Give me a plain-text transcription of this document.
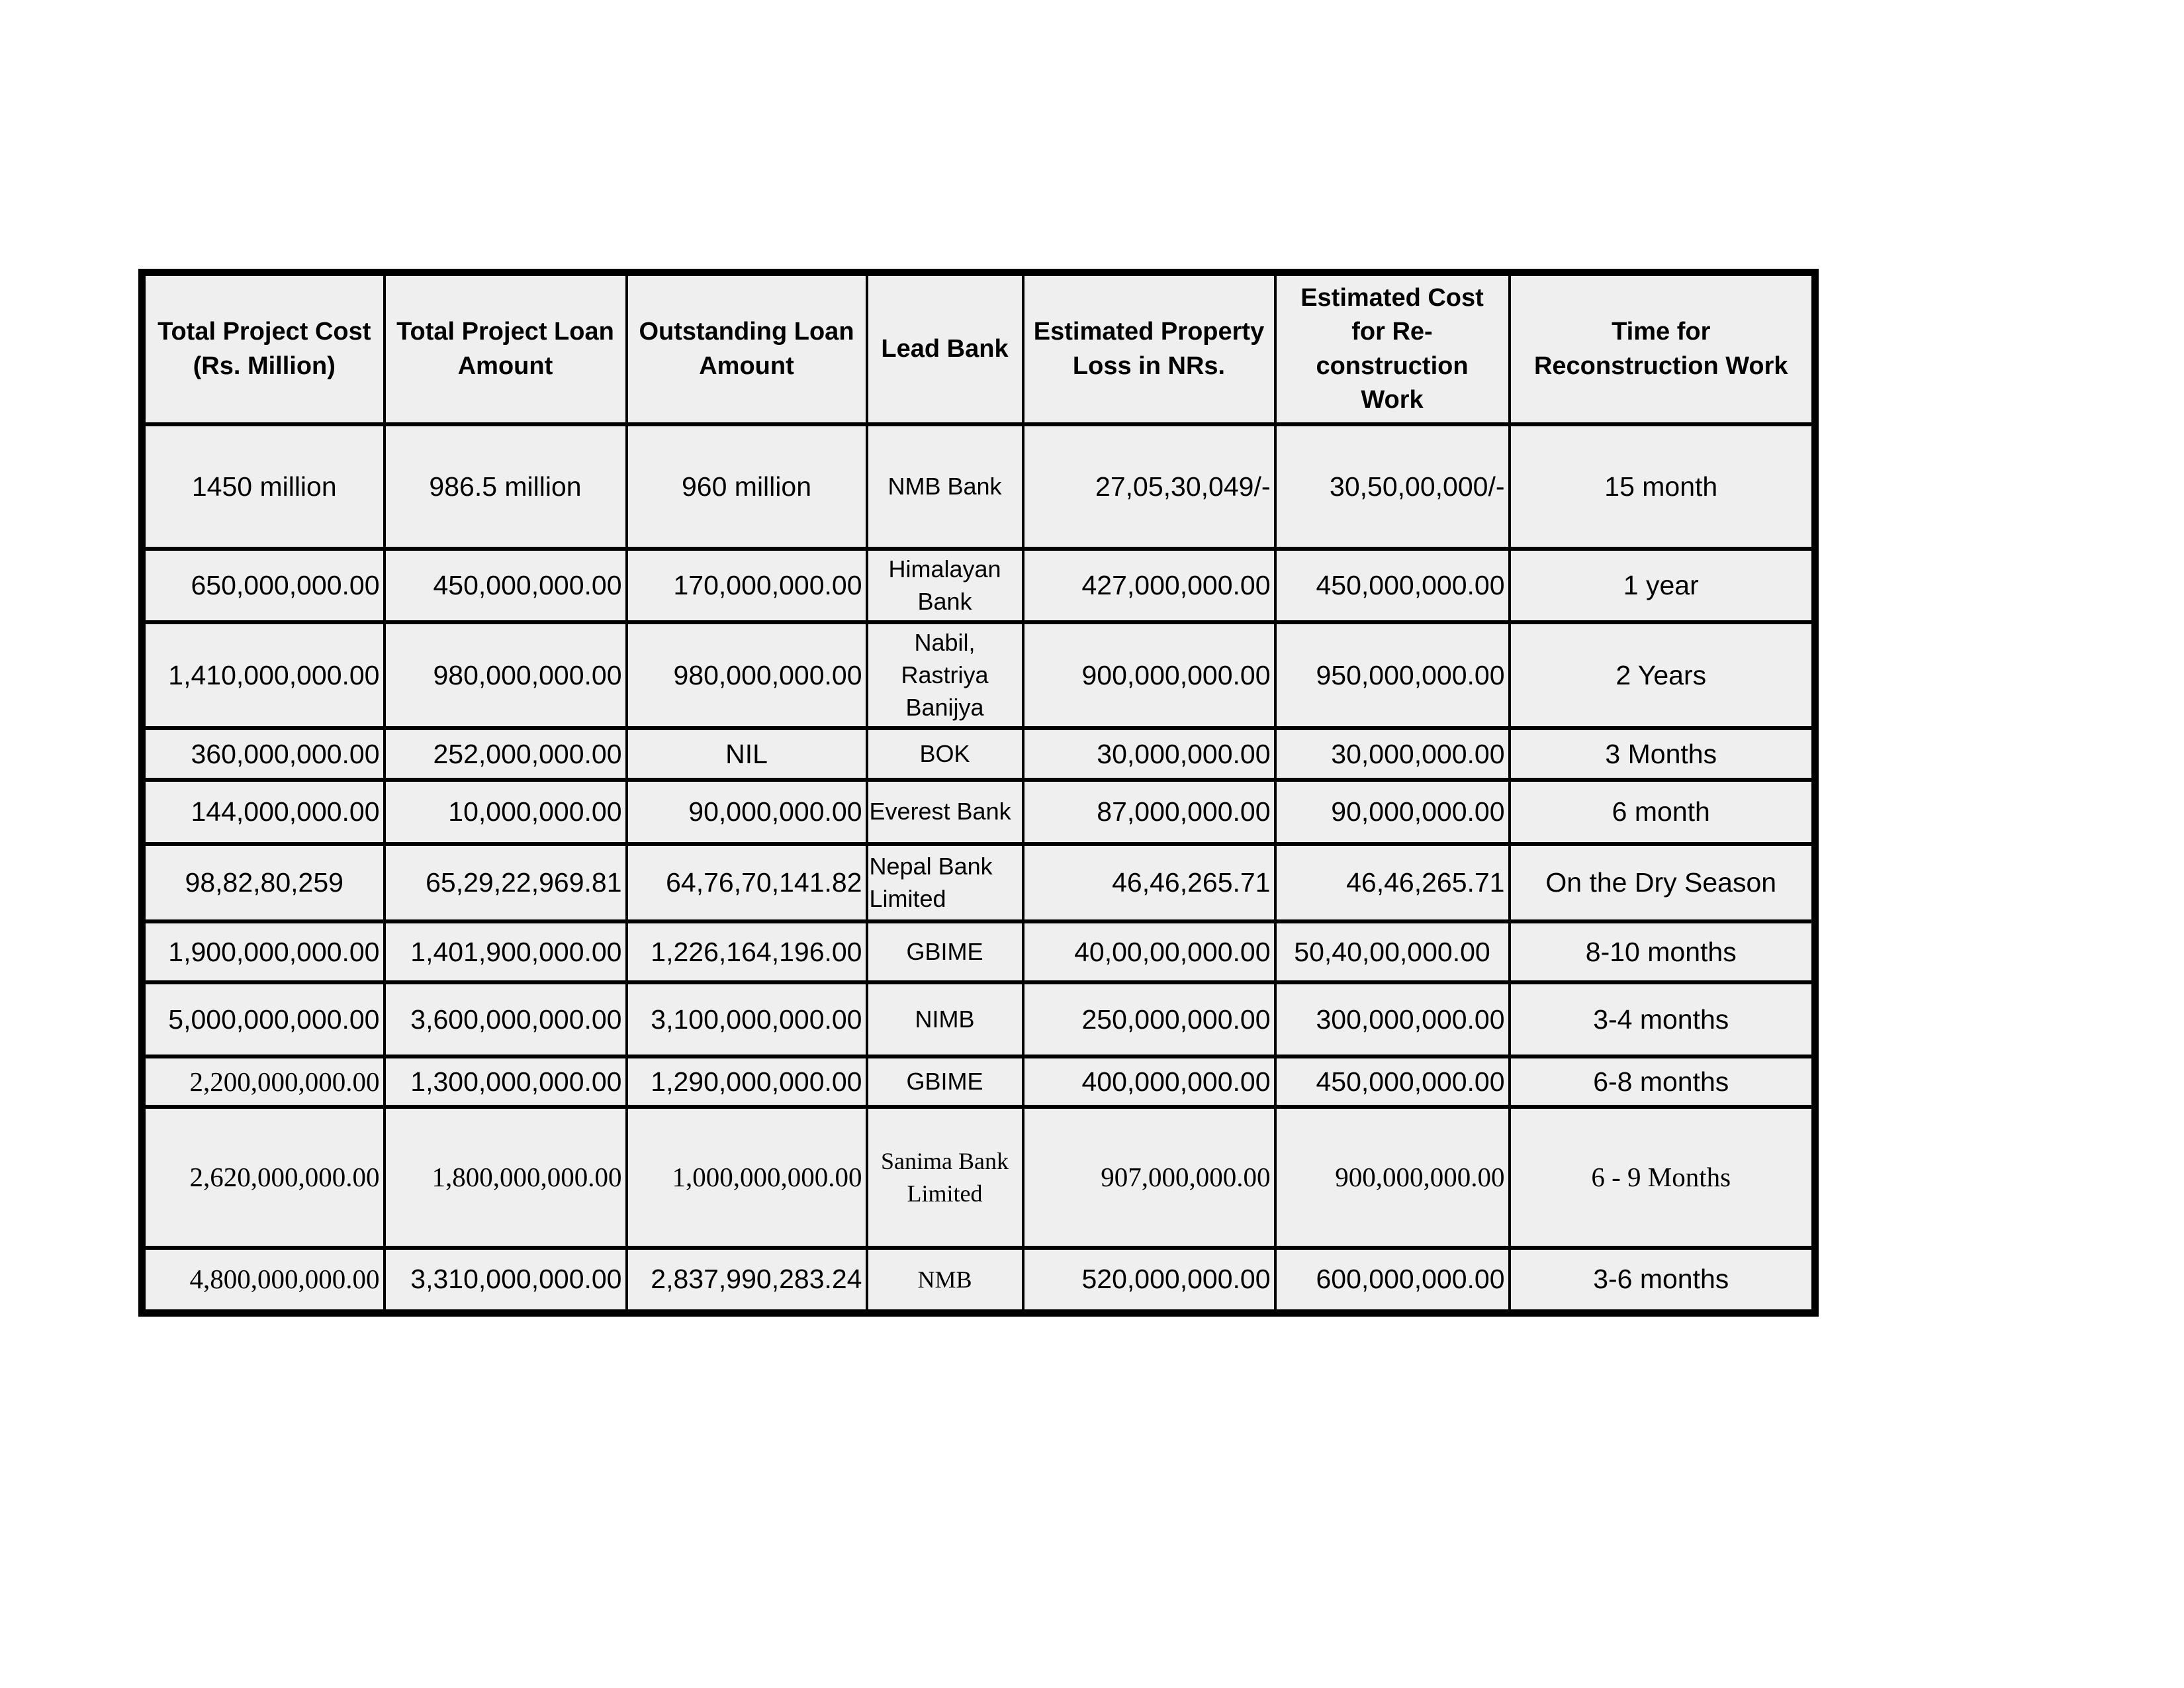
Total Project Cost (Rs. Million)	Total Project Loan Amount	Outstanding Loan Amount	Lead Bank	Estimated Property Loss in NRs.	Estimated Cost for Re-construction Work	Time for Reconstruction Work
1450 million	986.5 million	960 million	NMB Bank	27,05,30,049/-	30,50,00,000/-	15 month
650,000,000.00	450,000,000.00	170,000,000.00	Himalayan Bank	427,000,000.00	450,000,000.00	1 year
1,410,000,000.00	980,000,000.00	980,000,000.00	Nabil, Rastriya Banijya	900,000,000.00	950,000,000.00	2 Years
360,000,000.00	252,000,000.00	NIL	BOK	30,000,000.00	30,000,000.00	3 Months
144,000,000.00	10,000,000.00	90,000,000.00	Everest Bank	87,000,000.00	90,000,000.00	6 month
98,82,80,259	65,29,22,969.81	64,76,70,141.82	Nepal Bank Limited	46,46,265.71	46,46,265.71	On the Dry Season
1,900,000,000.00	1,401,900,000.00	1,226,164,196.00	GBIME	40,00,00,000.00	50,40,00,000.00	8-10 months
5,000,000,000.00	3,600,000,000.00	3,100,000,000.00	NIMB	250,000,000.00	300,000,000.00	3-4 months
2,200,000,000.00	1,300,000,000.00	1,290,000,000.00	GBIME	400,000,000.00	450,000,000.00	6-8 months
2,620,000,000.00	1,800,000,000.00	1,000,000,000.00	Sanima Bank Limited	907,000,000.00	900,000,000.00	6 - 9 Months
4,800,000,000.00	3,310,000,000.00	2,837,990,283.24	NMB	520,000,000.00	600,000,000.00	3-6 months
